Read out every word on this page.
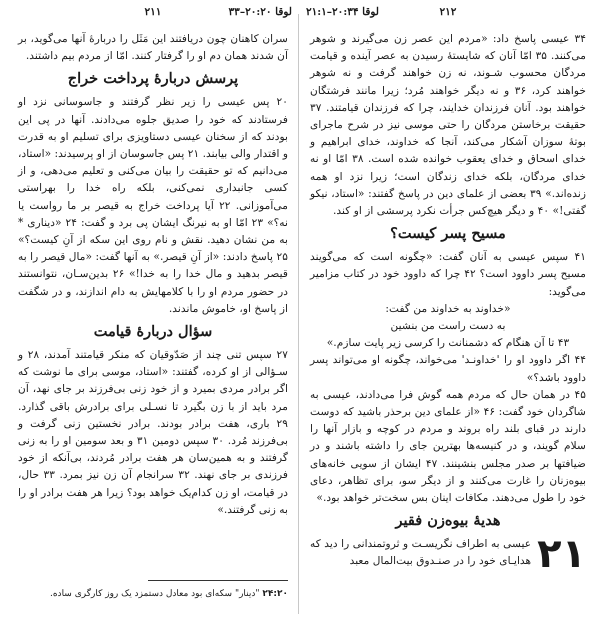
لوقا ۲۰:۳۴–۲۱:۱	۲۱۲

۳۴ عیسی پاسخ داد: «مردم این عصر زن می‌گیرند و شوهر می‌کنند. ۳۵ امّا آنان که شایستهٔ رسیدن به عصر آینده و قیامت مردگان محسوب شـوند، نه زن خواهند گرفت و نه شوهر خواهند کرد، ۳۶ و نه دیگر خواهند مُرد؛ زیرا مانند فرشتگان خواهند بود. آنان فرزندان خدایند، چرا که فرزندان قیامتند. ۳۷ حقیقت برخاستن مردگان را حتی موسی نیز در شرح ماجرای بوتهٔ سوزان آشکار می‌کند، آنجا که خداوند، خدای ابراهیم و خدای اسحاق و خدای یعقوب خوانده شده است. ۳۸ امّا او نه خدای مردگان، بلکه خدای زندگان است؛ زیرا نزد او همه زنده‌اند.» ۳۹ بعضی از علمای دین در پاسخ گفتند: «استاد، نیکو گفتی!» ۴۰ و دیگر هیچ‌کس جرأت نکرد پرسشی از او کند.

مسیح پسر کیست؟

۴۱ سپس عیسی به آنان گفت: «چگونه است که می‌گویند مسیح پسر داوود است؟ ۴۲ چرا که داوود خود در کتاب مزامیر می‌گوید:

«خداوند به خداوند من گفت:

به دست راست من بنشین

۴۳ تا آن هنگام که دشمنانت را کرسی زیر پایت سازم.»

۴۴ اگر داوود او را 'خداونـد' می‌خواند، چگونه او می‌تواند پسر داوود باشد؟»

۴۵ در همان حال که مردم همه گوش فرا می‌دادند، عیسی به شاگردان خود گفت: ۴۶ «از علمای دین برحذر باشید که دوست دارند در قبای بلند راه بروند و مردم در کوچه و بازار آنها را سلام گویند، و در کنیسه‌ها بهترین جای را داشته باشند و در ضیافتها بر صدر مجلس بنشینند. ۴۷ ‏ایشان از سویی خانه‌های بیوه‌زنان را غارت می‌کنند و از دیگر سو، برای تظاهر، دعای خود را طول می‌دهند. مکافات اینان بس سخت‌تر خواهد بود.»

هدیهٔ بیوه‌زن فقیر
۲۱

عیسی به اطراف نگریسـت و ثروتمندانی را دید که هدایـای خود را در صنـدوق بیت‌المال معبد

۲۱۱	لوقا ۲۰:۲۰–۳۳

سران کاهنان چون دریافتند این مَثَل را دربارهٔ آنها می‌گوید، بر آن شدند همان دم او را گرفتار کنند. امّا از مردم بیم داشتند.

پرسش دربارهٔ پرداخت خراج

۲۰ پس عیسی را زیر نظر گرفتند و جاسوسانی نزد او فرستادند که خود را صدیق جلوه می‌دادند. آنها در پی این بودند که از سخنان عیسی دستاویزی برای تسلیم او به قدرت و اقتدار والی بیابند. ۲۱ پس جاسوسان از او پرسیدند: «استاد، می‌دانیم که تو حقیقت را بیان می‌کنی و تعلیم می‌دهی، و از کسی جانبداری نمی‌کنی، بلکه راه خدا را بهراستی می‌آموزانی. ۲۲ آیا پرداخت خراج به قیصر بر ما رواست یا نه؟» ۲۳ امّا او به نیرنگ ایشان پی برد و گفت: ۲۴ «دیناری * به من نشان دهید. نقش و نام روی این سکه از آنِ کیست؟» ۲۵ پاسخ دادند: «از آنِ قیصر.» به آنها گفت: «مال قیصر را به قیصر بدهید و مال خدا را به خدا!» ۲۶ بدین‌سـان، نتوانستند در حضور مردم او را با کلامهایش به دام اندازند، و در شگفت از پاسخ او، خاموش ماندند.

سؤال دربارهٔ قیامت

۲۷ سپس تنی چند از صَدّوقیان که منکر قیامتند آمدند، ۲۸ و سـؤالی از او کرده، گفتند: «استاد، موسی برای ما نوشت که اگر برادر مردی بمیرد و از خود زنی بی‌فرزند بر جای نهد، آن مرد باید از با زن بگیرد تا نسـلی برای برادرش باقی گذارد. ۲۹ باری، هفت برادر بودند. برادر نخستین زنی گرفت و بی‌فرزند مُرد. ۳۰ سپس دومین ۳۱ و بعد سومین او را به زنی گرفتند و به همین‌سان هر هفت برادر مُردند، بی‌آنکه از خود فرزندی بر جای نهند. ۳۲ سرانجام آن زن نیز بمرد. ۳۳ حال، در قیامت، او زن کدام‌یک خواهد بود؟ زیرا هر هفت برادر او را به زنی گرفتند.»

۲۴:۲۰ "دینار" سکه‌ای بود معادل دستمزد یک روز کارگری ساده.
